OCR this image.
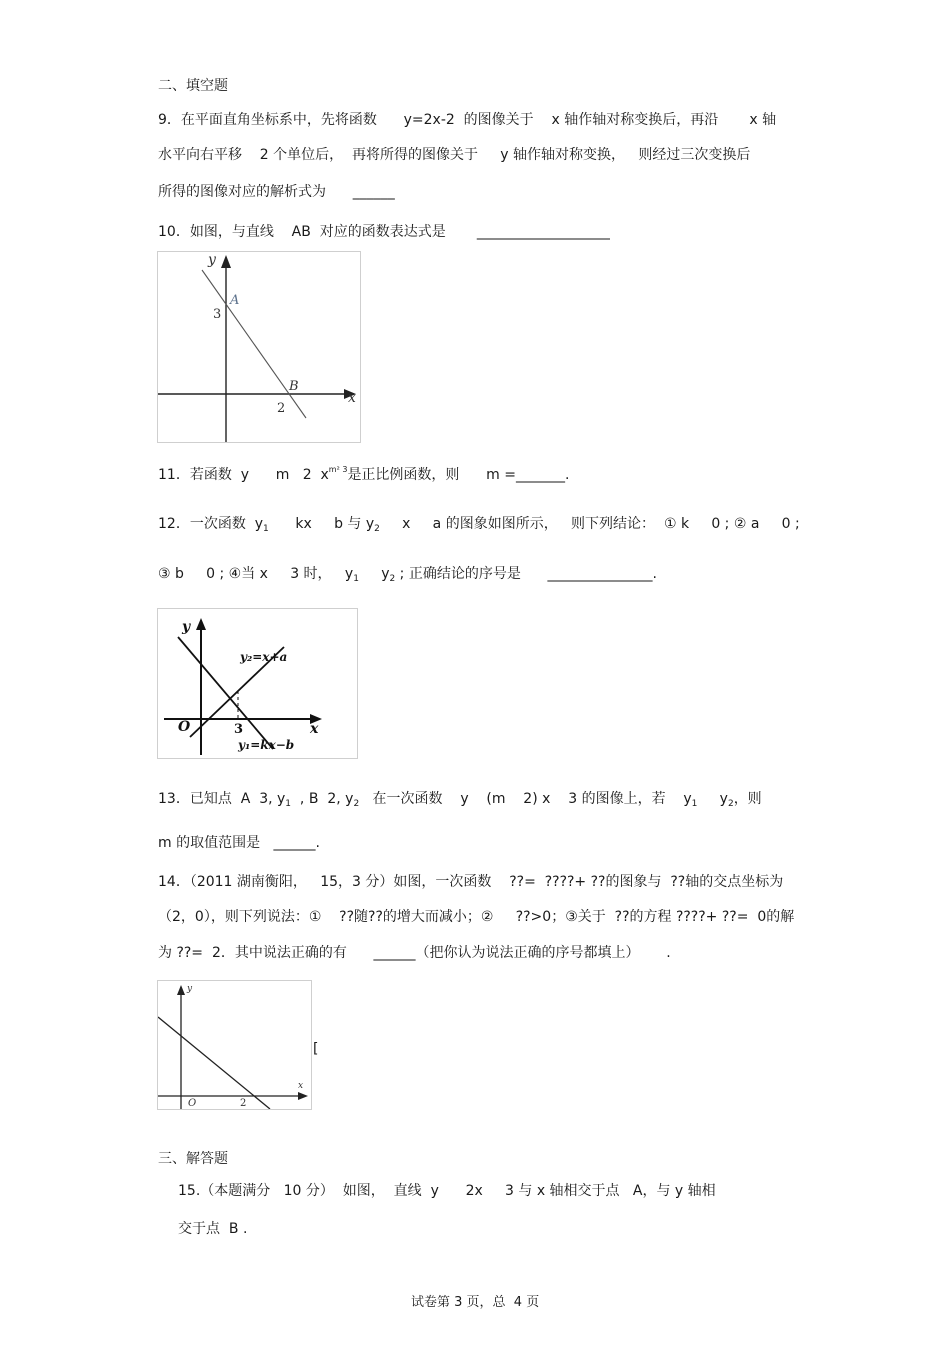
二、填空题
9．在平面直角坐标系中，先将函数      y=2x-2  的图像关于    x 轴作轴对称变换后，再沿       x 轴
水平向右平移    2 个单位后，  再将所得的图像关于     y 轴作轴对称变换，   则经过三次变换后
所得的图像对应的解析式为      ______
10．如图，与直线    AB  对应的函数表达式是       ___________________
y
x
A
3
B
2
11．若函数  y      m   2  $x^{m^2 3}$是正比例函数，则      m =_______.
12．一次函数  $y_1$      kx     b 与 $y_2$     x     a 的图象如图所示，   则下列结论：  ① k     0 ; ② a     0 ;
③ b     0 ; ④当 x     3 时，   $y_1$     $y_2$ ; 正确结论的序号是      _______________.
y
x
O	3
y₂=x+a
y₁=kx−b
13．已知点  A  3, $y_1$  , B  2, $y_2$   在一次函数    y    (m    2) x    3 的图像上，若    $y_1$     $y_2$，则
m 的取值范围是   ______.
14．（2011 湖南衡阳，   15，3 分）如图，一次函数    ??=  ????+ ??的图象与  ??轴的交点坐标为
（2，0），则下列说法：①    ??随??的增大而减小；②     ??>0；③关于  ??的方程 ????+ ??=  0的解
为 ??=  2．其中说法正确的有      ______（把你认为说法正确的序号都填上）      .
y
x
O	2
[
三、解答题
15.（本题满分   10 分）  如图，  直线  y      2x     3 与 x 轴相交于点   A，与 y 轴相
交于点  B .
试卷第 3 页，总  4 页
